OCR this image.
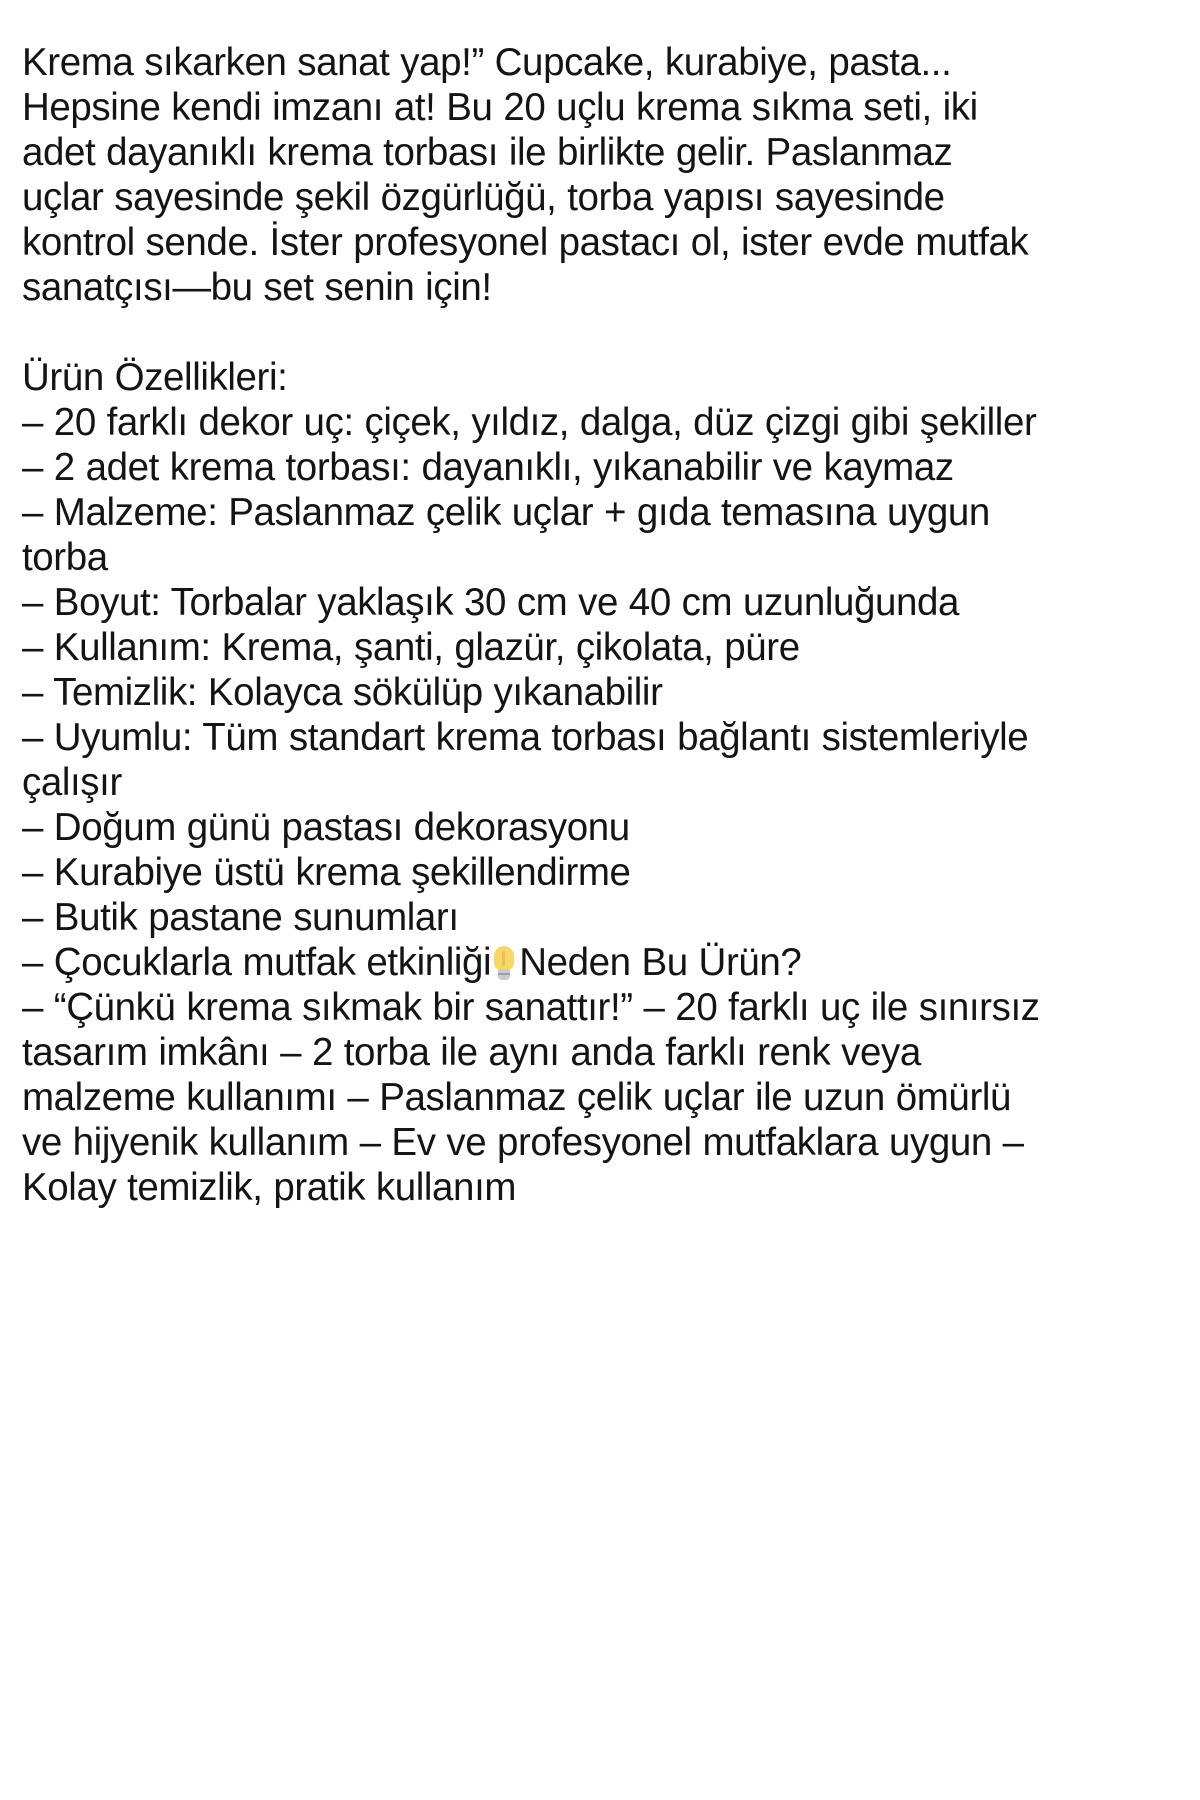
Krema sıkarken sanat yap!” Cupcake, kurabiye, pasta... Hepsine kendi imzanı at! Bu 20 uçlu krema sıkma seti, iki adet dayanıklı krema torbası ile birlikte gelir. Paslanmaz uçlar sayesinde şekil özgürlüğü, torba yapısı sayesinde kontrol sende. İster profesyonel pastacı ol, ister evde mutfak sanatçısı—bu set senin için!

Ürün Özellikleri:

– 20 farklı dekor uç: çiçek, yıldız, dalga, düz çizgi gibi şekiller

– 2 adet krema torbası: dayanıklı, yıkanabilir ve kaymaz

– Malzeme: Paslanmaz çelik uçlar + gıda temasına uygun torba

– Boyut: Torbalar yaklaşık 30 cm ve 40 cm uzunluğunda

– Kullanım: Krema, şanti, glazür, çikolata, püre

– Temizlik: Kolayca sökülüp yıkanabilir

– Uyumlu: Tüm standart krema torbası bağlantı sistemleriyle çalışır

– Doğum günü pastası dekorasyonu

– Kurabiye üstü krema şekillendirme

– Butik pastane sunumları

– Çocuklarla mutfak etkinliği Neden Bu Ürün?

– “Çünkü krema sıkmak bir sanattır!” – 20 farklı uç ile sınırsız tasarım imkânı – 2 torba ile aynı anda farklı renk veya malzeme kullanımı – Paslanmaz çelik uçlar ile uzun ömürlü ve hijyenik kullanım – Ev ve profesyonel mutfaklara uygun – Kolay temizlik, pratik kullanım
